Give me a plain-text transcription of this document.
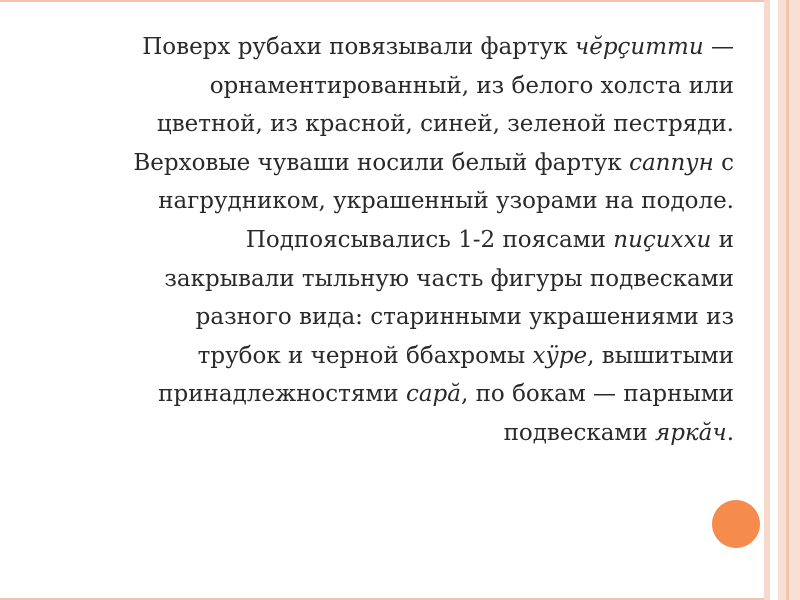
Поверх рубахи повязывали фартук чĕрçитти —
орнаментированный, из белого холста или
цветной, из красной, синей, зеленой пестряди.
Верховые чуваши носили белый фартук саппун с
нагрудником, украшенный узорами на подоле.
Подпоясывались 1-2 поясами пиçиххи и
закрывали тыльную часть фигуры подвесками
разного вида: старинными украшениями из
трубок и черной ббахромы хӱре, вышитыми
принадлежностями сарă, по бокам — парными
подвесками яркăч.
